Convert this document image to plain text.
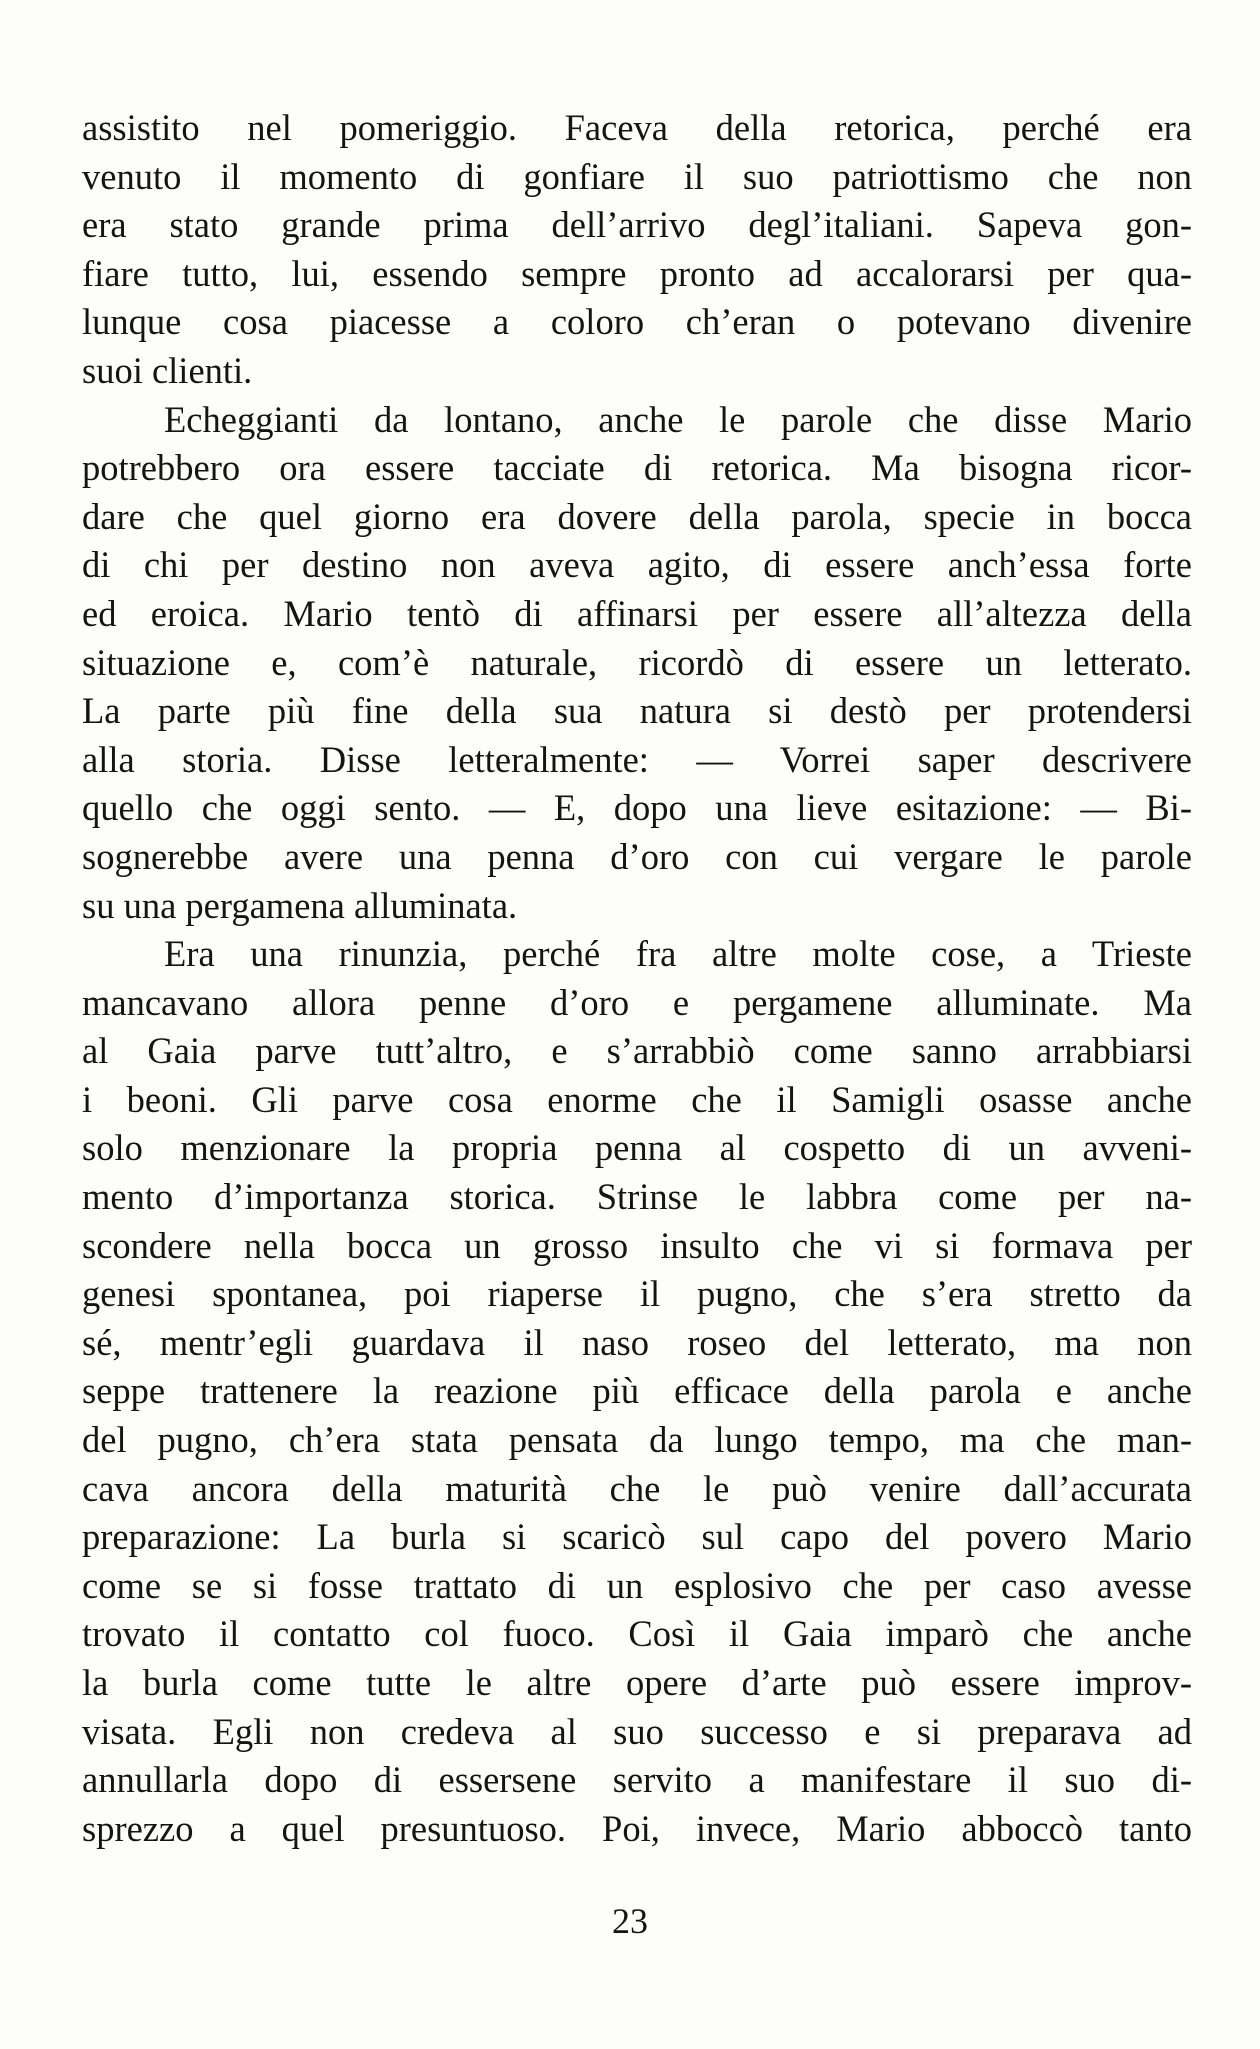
assistito nel pomeriggio. Faceva della retorica, perché era
venuto il momento di gonfiare il suo patriottismo che non
era stato grande prima dell’arrivo degl’italiani. Sapeva gon-
fiare tutto, lui, essendo sempre pronto ad accalorarsi per qua-
lunque cosa piacesse a coloro ch’eran o potevano divenire
suoi clienti.
Echeggianti da lontano, anche le parole che disse Mario
potrebbero ora essere tacciate di retorica. Ma bisogna ricor-
dare che quel giorno era dovere della parola, specie in bocca
di chi per destino non aveva agito, di essere anch’essa forte
ed eroica. Mario tentò di affinarsi per essere all’altezza della
situazione e, com’è naturale, ricordò di essere un letterato.
La parte più fine della sua natura si destò per protendersi
alla storia. Disse letteralmente: — Vorrei saper descrivere
quello che oggi sento. — E, dopo una lieve esitazione: — Bi-
sognerebbe avere una penna d’oro con cui vergare le parole
su una pergamena alluminata.
Era una rinunzia, perché fra altre molte cose, a Trieste
mancavano allora penne d’oro e pergamene alluminate. Ma
al Gaia parve tutt’altro, e s’arrabbiò come sanno arrabbiarsi
i beoni. Gli parve cosa enorme che il Samigli osasse anche
solo menzionare la propria penna al cospetto di un avveni-
mento d’importanza storica. Strinse le labbra come per na-
scondere nella bocca un grosso insulto che vi si formava per
genesi spontanea, poi riaperse il pugno, che s’era stretto da
sé, mentr’egli guardava il naso roseo del letterato, ma non
seppe trattenere la reazione più efficace della parola e anche
del pugno, ch’era stata pensata da lungo tempo, ma che man-
cava ancora della maturità che le può venire dall’accurata
preparazione: La burla si scaricò sul capo del povero Mario
come se si fosse trattato di un esplosivo che per caso avesse
trovato il contatto col fuoco. Così il Gaia imparò che anche
la burla come tutte le altre opere d’arte può essere improv-
visata. Egli non credeva al suo successo e si preparava ad
annullarla dopo di essersene servito a manifestare il suo di-
sprezzo a quel presuntuoso. Poi, invece, Mario abboccò tanto
23
